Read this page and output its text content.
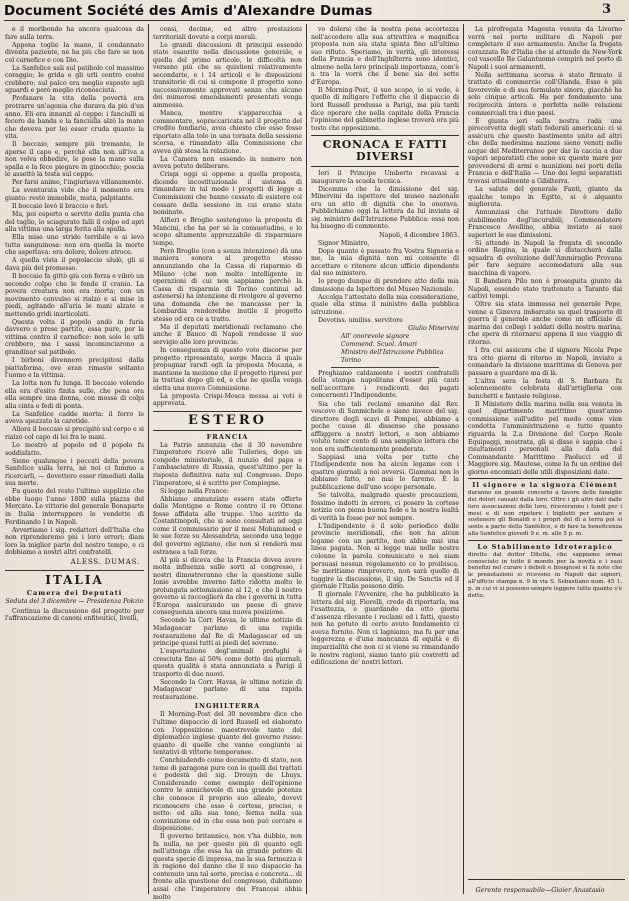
Document Société des Amis d'Alexandre Dumas	3

e il moribondo ha ancora qualcosa da fare sulla terra.

Appena toglie la mano, il condannato diventa paziente, nè ha più che fare se non col carnefice e con Dio.

La Sanfelice sali sul patibolo col massimo coraggio; le grida e gli urli contro costei crebbero; sul palco era meglio esposto agli sguardi e però meglio riconosciuta.

Profanare la vita della povertà era protrarre un'agonia che durava da più d'un anno. Eli era innanzi al ceppo: i fanciulli si fecero da banda e la fanciulla alzò la mano che doveva per lei esser cruda quanto la vita.

Il boccaio, sempre più tremante, le aperse il capo e, perchè ella non ull'iva a non volva obbedire, le pose la mano sulla spalla e la fece piegare in ginocchio; poscia le assettò la testa sul ceppo.

Per farsi animo, l'ingiuriava villanamente.

La sventurata vide che il momento era giunto: restò immobile, muta, palpitante.

Il boccaio levò il braccio e ferì.

Ma, poi esperto o servito della punta che del taglio, lo sciagurato falli il colpo ed aprì alla vittima una larga ferita alla spalla.

Ella mise uno strido terribile e si levò tutta sanguinosa: non era quella la morte che aspettava: era dolore, dolore atroce.

A quella vista il popolaccio ululò, gli si dava più del promesso.

Il boccaio fa gittò giù con forza e vibrò un secondo colpo che le fende il cranio. La povera creatura non era morta; con un movimento convulso si rialzò e si mise in piedi, agitando all'aria le mani alzate e mettendo gridi inarticolati.

Questa volta il popolo andò in furia davvero e prese partito, essa pure, per la vittima contro il carnefice: non solo le urli crebbero, ma i sassi incominciarono a grandinar sul patibolo.

I birboni divennero precipitosi dalla piattaforma, ove eran rimaste soltanto l'uomo e la vittima.

La lotta non fu lunga. Il boccaio volendo ella era d'esito finita sulle, che pena ora ella sempre una donna, con mosse di colpi alla cinta e fedi di ponta.

La Sanfelice cadde morta: il ferro le aveva spezzato la carotide.

Allora il boccaio si precipitò sul corpo e si rialzò col capo di lei fra le mani.

Lo mostrò al popolo ed il popolo fu soddisfatto.

Sieno qualunque i peccati della povera Sanfelice sulla terra, nè noi ci fummo a ricercarli, — dovettero esser rimediati dalla sua morte.

Fu questo del resto l'ultimo supplizio che ebbe luogo l'anno 1800 sulla piazza del Mercato. Le vittorie del generale Bonaparte in Italia interruppero le vendette di Ferdinando I in Napoli.

Avvertiamo i sig. redattori dell'Italia che non riprenderemo più i loro errori; diam loro la miglior parte del nostro tempo, e ci dobbiamo a nostri altri confratelli.

ALESS. DUMAS.
ITALIA
Camera dei Deputati
Seduta del 3 dicembre — Presidenza Pokzio

Continua la discussione del progetto per l'affrancazione di canoni enfiteutici, livelli,

censi, decime, ed altre prestazioni territoriali dovute a corpi morali.

Le grandi discussioni di principii essendo state esaurite nella discussione generale, e quella del primo articolo, le difficoltà non versano più che su quistioni relativamente secondarie, e i 14 articoli e le disposizioni transitorie di cui si compone il progetto sono successivamente approvati senza che alcuno dei numerosi emendamenti presentati venga ammesso.

Manca, mentre s'apparecchia a commentare, sopraccaricata nel il progetto del credito fondiario, avea chiesto che esso fosse riportato alla tolo in una tornata della sessione scorsa, e rimandato alla Commissione che aveva già stesa la relazione.

La Camera non essendo in numero non aveva potuto deliberare.

Crispi oggi si oppone a quella proposta, dicendo incostituzionale il sistema di rimandare in tal modo i progetti di legge a Commissioni che hanno cessato di esistere col cessare della sessione in cui erano state nominate.

Alfieri e Broglio sostengono la proposta di Mancini, che ha per sè la consuetudine, e lo scopo altamente apprezzabile di risparmiare tempo.

Però Broglio (con a senza intenzione) dà una maniera sonora al progetto stesso annunziando che la Cassa di risparmio di Milano (che non molto intelligente in operazioni di cui non sappiamo perchè la Cassa di risparmio di Torino continui ad astenersi) ha intenzione di rivolgere al governo una domanda che ne mancasse per la Lombardia renderebbe inutile il progetto stesso od era ce a tratto.

Ma il deputati meridionali reclamano che anche il Banco di Napoli rendesse il suo servigio alle loro provincie.

In conseguenza di questo voto discorse per progetto ripresentato, sorge Macca il quale propugnar rarefi egli la proposta Mocana, e mantiene la mozione che il progetto ripresi per la trattasi dopo gli ed, e che ne quella venga eletta una nuova Commissione.

La proposta Crispi-Mosca messa ai voti è approvata.

ESTERO
FRANCIA

La Patrie annunzia che il 30 novembre l'imperatore ricevè alle Tuileries, dopo un congedo ministeriale, il nunzio del papa e l'ambasciatore di Russia, quest'ultimo per la risposta definitiva nata sul Congresso. Dopo l'imperatore, si è scritto per Compiegne.

Si legge nella France:

Abbiamo annunziato essere state offerte dalle Montigne e Rome contro il re Ottone fosse affidata alle truppe. Uno scritto da Costantinopoli, che si sono consultati ad oggi come il commissario per il mesi Mohammed e le sue forze su Alessandria, secondo una legge del governo egiziano, che non si renderà mai estranea a tali forze.

Al più si diceva che la Francia dovea avere molta influenza sulle sorti al congresso, i nostri dimostreranno che la questione sulle Ionie avrebbe inverno fatto ridotto molto le prolungata sottomissione al 12, e che il nostro governo si raccoglierà da che i governi in tutta l'Europa assicurando un paese di grave conseguenza ancora una nuova posizione.

Secondo la Corr. Havas, le ultime notizie di Madagascar parlano di una rapida restaurazione dal Re di Madagascar ed un principe quasi tutti ai piedi del sovrano.

L'esportazione degl'animali profughi è cresciuta fino al 50% come detto dai giornali, questa qualità è stata annunziata a Parigi il trasporto di due nuovi.

Secondo la Corr. Havas, le ultime notizie di Madagascar parlano di una rapida restaurazione.

INGHILTERRA

Il Morning-Post del 30 novembre dice che l'ultimo dispaccio di lord Russell ed elaborato con l'opposizione maestrevole tanto del diplomatico inglese quanto del governo russo: quanto di quelle che vanno congiunte ai tentativi di vittorie temporanee.

Conchiudendo come documento di stato, non teme di paragone pure con lo quelli dei trattati e podestà del sig. Drouyn de Lhuys. Considerando come esempio dell'opinione contro le annichevole di una grande potenza che conosce il proprio suo alleato, dovevi riconoscere che esso è cortese, preciso, e netto: ed alla sua tono, ferma nella sua convinzione ed in che essa non può cercare e disposizione.

Il governo britannico, non v'ha dubbio, non fa nulla, ne per questo più di quanto egli nell'attenga che essa ha un grande potere di questa specie di impresa, ma la sua fermezza è in ragione del danno che il suo dispaccio ha contenuto una tal sorte, precisa e concreta... di fronte alla questione del congresso, dubitiamo assai che l'imperatore dei Francesi abbia molto

vo dolersi che la nostra pena accortezza nell'accedere alla sua attrattiva e magnifica proposta non sia stata spinta fino all'ultimo suo rifiuto. Speriamo, in verità, gli interessi della Francia e dell'Inghilterra sono identici, almeno nella loro principali importanza, com'è a tra la vorrà che il bene sia dei sette d'Europa.

Il Morning-Post, il suo scopo, io si vede, è quello di mitigare l'effetto che il dispaccio di lord Russell produsse a Parigi, ma più tardi dice operare che nella capitale della Francia l'opinione del gabinetto inglese troverà ora più tosto che opposizione.

CRONACA E FATTI DIVERSI

Ieri il Principe Umberto recavasi a inaugurare la scuola tecnica.

Dicemmo che la dimissione del sig. Minervini da ispettore del museo nazionale era un atto di dignità che lo onorava. Pubblichiamo oggi la lettera da lui inviata al sig. ministro dell'Istruzione Pubblica: essa non ha bisogno di commento.

Napoli, 4 dicembre 1863.

Signor Ministro,

Dopo quanto è passato fra Vostra Signoria e me, la mia dignità non mi consente di accettare o ritenere alcun ufficio dipendente dal suo ministero.

Io prego dunque di prendere atto della mia dimissione da Ispettore del Museo Nazionale.

Accolga l'attestato della mia considerazione, quale ella stima il ministro della pubblica istruzione.

Devotiss. umiliss. servitore

Giulio Minervini

All' onorevole signore

Commend. Scuol. Amari

Ministro dell'Istruzione Pubblica

Torino

Preghiamo caldamente i nostri confratelli della stampa napolitana d'esser più cauti nell'accettare i rendiconti dei pagati concernenti l'Indipendente.

Sia che tali reclami emanino dal Rev. vescovo di Sanmichele o siano invece del sig. direttore degli scavi di Pompei, abbiamo a poche cause di dissenso che possano affliggere a nostri lettori, e non abbiamo voluto tener conto di una semplice lettera che non era sufficientemente ponderata.

Sappiasi una volta per tutte che l'Indipendente non ha alcun legame con i quattro giornali a noi avversi. Giammai non lo abbiamo fatto, nè mai lo faremo. È la pubblicazione dell'uno scopo personale.

Se talvolta, malgrado queste precauzioni, fossimo indotti in errore, ci posero la cortese notizia con piena buona fede e la nostra lealtà di verità la fosse per noi sempre.

L'Indipendente è il solo periodico delle provincie meridionali, che non ha alcun legame con un partito, non abbia mai una linea pagata. Non si legge mai nelle nostre colonne la parola comunicato e noi siam persuasi nessun regolamento ce lo proibisca. Se meritiamo rimprovero, non sarà quello di tuggire la discussione, il sig. De Sanctis ed il giornale l'Italia possono dirlo.

Il giornale l'Avvenire, che ha pubblicato la lettera del sig. Fiorelli, crede di riportarla, ma l'esattezza, e guardando da otto giorni d'assenza rilevante i reclami ed i fatti, questo non ha potuto di certo avuto fondamento ci aveva fornito. Non ci lagniamo, ma fu per una leggerezza e d'una mancanza di equità e di imparzialità che non ci si viene su rimandando le nostre ragioni, siamo tanto più costretti ad edificazione de' nostri lettori.

La pirofregata Magenta venuta da Livorno verrà nel porto militare di Napoli per completare il suo armamento. Anche la fregata corazzata Re d'Italia che si attende da New-York col vascello Re Galantuomo compirà nel porto di Napoli i suoi armamenti.

Nella settimana scorsa è stato firmato il trattato di commercio coll'Olanda. Esso è più favorevole e di sua formulato sinora, giacchè ha solo cinque articoli. Ha per fondamento una reciprocità intera e perfetta nelle relazioni commerciali tra i due paesi.

È giunta ieri sulla nostra rada una pirocorvetta degli stati federali americani: ci si assicura che questo bastimento unito ad altri che della medesima nazione sieno venuti nelle acque del Mediterraneo per dar la caccia a due vapori separatisti che sono su queste mare per provvedersi di armi e munizioni nei porti della Francia e dell'Italia — Uno dei legni separatisti trovasi attualmente a Gibilterra.

La salute del generale Fanti, giunto da qualche tempo in Egitto, si è alquanto migliorata.

Annunziasi che l'attuale Direttore dello stabilimento degl'incurabili, Commendatore Francesco Avellino, abbia inviato ai suoi superiori le sue dimissioni.

Si attende in Napoli la fregata di secondo ordine Regina, la quale si distaccherà dalla squadra di evoluzione dell'Ammiraglio Provana per fare seguire accomodatura alla sua macchina di vapore.

Il Bandiera Pilo non è proseguita giunto da Napoli, essendo stato trattenuto a Taranto dai cattivi tempi.

Oltre sia stata immessa nel generale Pepe, venne a Ginevra imbarcato su quel trasporto di guerra il generale anche come un ufficiale di marina dei collegi i soldati della nostra marina, che spera di ritornarsi appena il suo viaggio di ritorno.

I fra cui assicura che il signore Nicola Pepe tra otto giorni di ritorno in Napoli, inviato a comandare la divisione marittima di Genova per passare a guardare ma di là.

L'altra sera la festa di S. Barbara fu solennemente celebrata dall'artiglieria con banchetti e fantasie religiose.

Il Ministero della marina nella sua venuta in quel dipartimento marittimo quest'anno commissione sull'udito pel modo come vien condotta l'amministrazione e tutto quanto riguarda la 2.a Divisione del Corpo Reale Equipaggi, mostrata, gli si disse è sappia che i risultamenti personali alla data del Commandante Marittimo Paolucci ed il Maggiore sig. Mautese, come la fu un ordine del giorno encomiati delle utili disposizioni date.

Il signore e la signora Ciément

daranno un grande concerto a favore delle famiglie dei dolori causati dalla loro. Oltre i gli altri dati dalle loro associazioni delle loro, riceveranno i fondi per i mesi e di non ripetere i biglietti per aiutare e sostenere gli Bonaldi e i propri del dì a terra poi si sente a parte della Sanfelice, e di fare la beneficenza alla Sanfelice giovedì 9 e. m. alle 5 p. m.

Lo Stabilimento Idroterapico

diretto dal dottor Ditella, che sappiamo ormai conosciuto in tutto il mondo per la novità e i suoi benefizi nel curare i deboli e bisognosi si fa noto che le prenotazioni si ricevono in Napoli dai signori, all'ufficio stampa n. 9 in via S. Sebastiano num. 45 1. p. in cui vi si possono sempre leggere tutto quanto s'è detto.

Gerente responsabile—Gioier Anastasio
